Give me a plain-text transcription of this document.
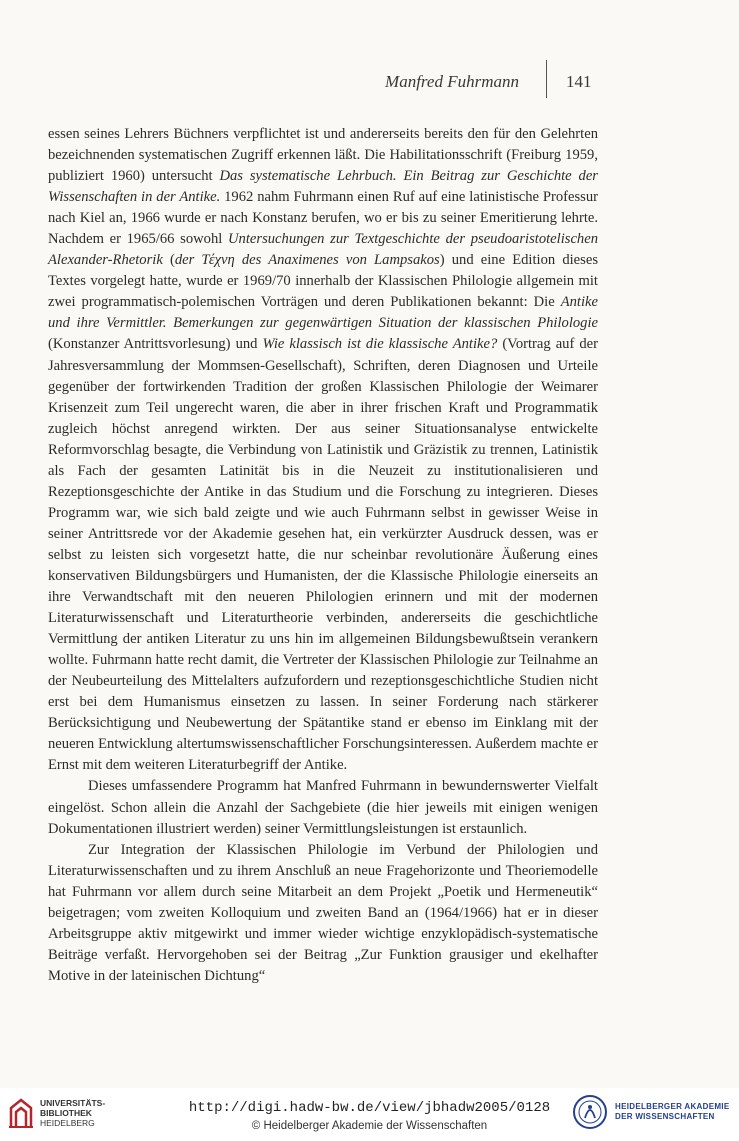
Manfred Fuhrmann	141

essen seines Lehrers Büchners verpflichtet ist und andererseits bereits den für den Gelehrten bezeichnenden systematischen Zugriff erkennen läßt. Die Habilitationsschrift (Freiburg 1959, publiziert 1960) untersucht Das systematische Lehrbuch. Ein Beitrag zur Geschichte der Wissenschaften in der Antike. 1962 nahm Fuhrmann einen Ruf auf eine latinistische Professur nach Kiel an, 1966 wurde er nach Konstanz berufen, wo er bis zu seiner Emeritierung lehrte. Nachdem er 1965/66 sowohl Untersuchungen zur Textgeschichte der pseudoaristotelischen Alexander-Rhetorik (der Τέχνη des Anaximenes von Lampsakos) und eine Edition dieses Textes vorgelegt hatte, wurde er 1969/70 innerhalb der Klassischen Philologie allgemein mit zwei programmatisch-polemischen Vorträgen und deren Publikationen bekannt: Die Antike und ihre Vermittler. Bemerkungen zur gegenwärtigen Situation der klassischen Philologie (Konstanzer Antrittsvorlesung) und Wie klassisch ist die klassische Antike? (Vortrag auf der Jahresversammlung der Mommsen-Gesellschaft), Schriften, deren Diagnosen und Urteile gegenüber der fortwirkenden Tradition der großen Klassischen Philologie der Weimarer Krisenzeit zum Teil ungerecht waren, die aber in ihrer frischen Kraft und Programmatik zugleich höchst anregend wirkten. Der aus seiner Situationsanalyse entwickelte Reformvorschlag besagte, die Verbindung von Latinistik und Gräzistik zu trennen, Latinistik als Fach der gesamten Latinität bis in die Neuzeit zu institutionalisieren und Rezeptionsgeschichte der Antike in das Studium und die Forschung zu integrieren. Dieses Programm war, wie sich bald zeigte und wie auch Fuhrmann selbst in gewisser Weise in seiner Antrittsrede vor der Akademie gesehen hat, ein verkürzter Ausdruck dessen, was er selbst zu leisten sich vorgesetzt hatte, die nur scheinbar revolutionäre Äußerung eines konservativen Bildungsbürgers und Humanisten, der die Klassische Philologie einerseits an ihre Verwandtschaft mit den neueren Philologien erinnern und mit der modernen Literaturwissenschaft und Literaturtheorie verbinden, andererseits die geschichtliche Vermittlung der antiken Literatur zu uns hin im allgemeinen Bildungsbewußtsein verankern wollte. Fuhrmann hatte recht damit, die Vertreter der Klassischen Philologie zur Teilnahme an der Neubeurteilung des Mittelalters aufzufordern und rezeptionsgeschichtliche Studien nicht erst bei dem Humanismus einsetzen zu lassen. In seiner Forderung nach stärkerer Berücksichtigung und Neubewertung der Spätantike stand er ebenso im Einklang mit der neueren Entwicklung altertumswissenschaftlicher Forschungsinteressen. Außerdem machte er Ernst mit dem weiteren Literaturbegriff der Antike.

Dieses umfassendere Programm hat Manfred Fuhrmann in bewundernswerter Vielfalt eingelöst. Schon allein die Anzahl der Sachgebiete (die hier jeweils mit einigen wenigen Dokumentationen illustriert werden) seiner Vermittlungsleistungen ist erstaunlich.

Zur Integration der Klassischen Philologie im Verbund der Philologien und Literaturwissenschaften und zu ihrem Anschluß an neue Fragehorizonte und Theoriemodelle hat Fuhrmann vor allem durch seine Mitarbeit an dem Projekt „Poetik und Hermeneutik“ beigetragen; vom zweiten Kolloquium und zweiten Band an (1964/1966) hat er in dieser Arbeitsgruppe aktiv mitgewirkt und immer wieder wichtige enzyklopädisch-systematische Beiträge verfaßt. Hervorgehoben sei der Beitrag „Zur Funktion grausiger und ekelhafter Motive in der lateinischen Dichtung“

UNIVERSITÄTS-
BIBLIOTHEK
HEIDELBERG
http://digi.hadw-bw.de/view/jbhadw2005/0128
© Heidelberger Akademie der Wissenschaften
HEIDELBERGER AKADEMIE
DER WISSENSCHAFTEN
